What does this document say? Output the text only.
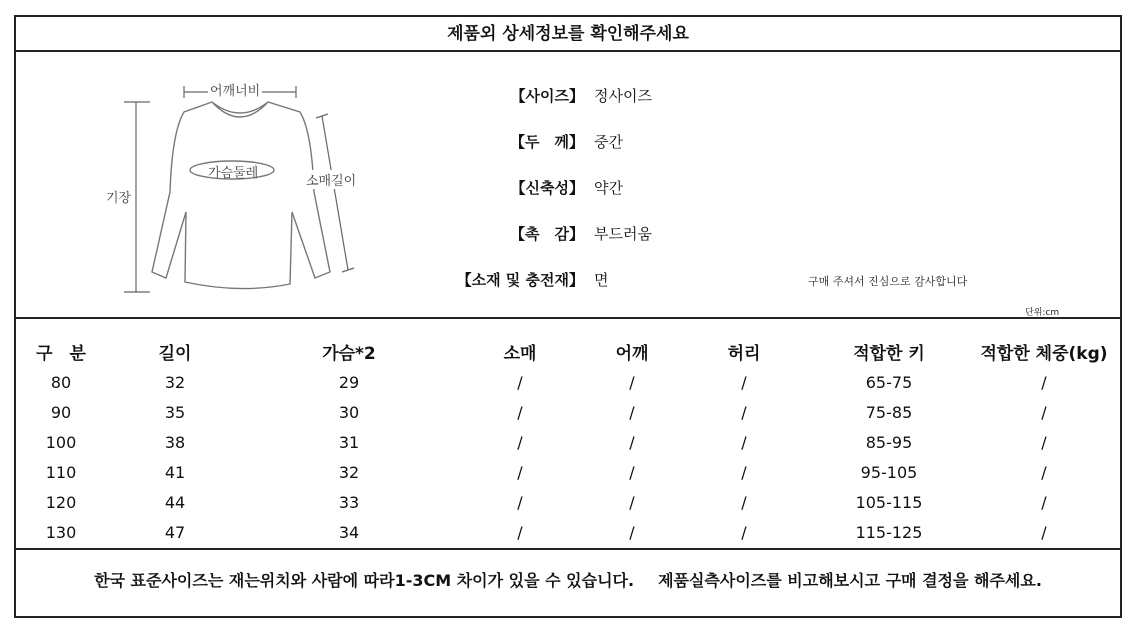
제품외 상세정보를 확인해주세요
어깨너비
가슴둘레
기장
소매길이
【사이즈】 정사이즈
【두　께】 중간
【신축성】 약간
【촉　감】 부드러움
【소재 및 충전재】 면	구매 주셔서 진심으로 감사합니다
단위:cm
구　분	길이	가슴*2	소매	어깨	허리	적합한 키	적합한 체중(kg)
80	32	29	/	/	/	65-75	/
90	35	30	/	/	/	75-85	/
100	38	31	/	/	/	85-95	/
110	41	32	/	/	/	95-105	/
120	44	33	/	/	/	105-115	/
130	47	34	/	/	/	115-125	/
한국 표준사이즈는 재는위치와 사람에 따라1-3CM 차이가 있을 수 있습니다. 제품실측사이즈를 비고해보시고 구매 결정을 해주세요.
